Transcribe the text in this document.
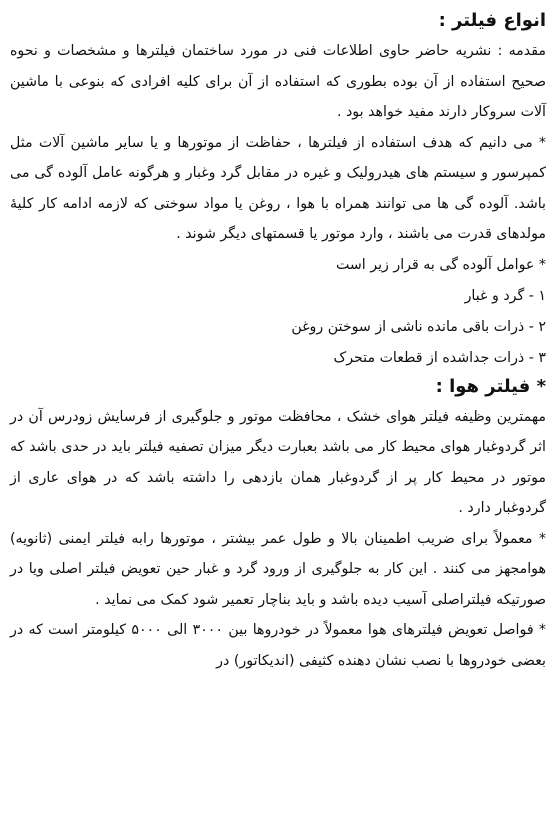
انواع فیلتر :

مقدمه : نشریه حاضر حاوی اطلاعات فنی در مورد ساختمان فیلترها و مشخصات و نحوه صحیح استفاده از آن بوده بطوری که استفاده از آن برای کلیه افرادی که بنوعی با ماشین آلات سروکار دارند مفید خواهد بود .

* می دانیم که هدف استفاده از فیلترها ، حفاظت از موتورها و یا سایر ماشین آلات مثل کمپرسور و سیستم های هیدرولیک و غیره در مقابل گرد وغبار و هرگونه عامل آلوده گی می باشد. آلوده گی ها می توانند همراه با هوا ، روغن یا مواد سوختی که لازمه ادامه کار کلیهٔ مولدهای قدرت می باشند ، وارد موتور یا قسمتهای دیگر شوند .

* عوامل آلوده گی به قرار زیر است
۱ - گرد و غبار
۲ - ذرات باقی مانده ناشی از سوختن روغن
۳ - ذرات جداشده از قطعات متحرک
* فیلتر هوا :

مهمترین وظیفه فیلتر هوای خشک ، محافظت موتور و جلوگیری از فرسایش زودرس آن در اثر گردوغبار هوای محیط کار می باشد بعبارت دیگر میزان تصفیه فیلتر باید در حدی باشد که موتور در محیط کار پر از گردوغبار همان بازدهی را داشته باشد که در هوای عاری از گردوغبار دارد .

* معمولاً برای ضریب اطمینان بالا و طول عمر بیشتر ، موتورها رابه فیلتر ایمنی (ثانویه) هوامجهز می کنند . این کار به جلوگیری از ورود گرد و غبار حین تعویض فیلتر اصلی ویا در صورتیکه فیلتراصلی آسیب دیده باشد و باید بناچار تعمیر شود کمک می نماید .

* فواصل تعویض فیلترهای هوا معمولاً در خودروها بین ۳۰۰۰ الی ۵۰۰۰ کیلومتر است که در بعضی خودروها با نصب نشان دهنده کثیفی (اندیکاتور) در
